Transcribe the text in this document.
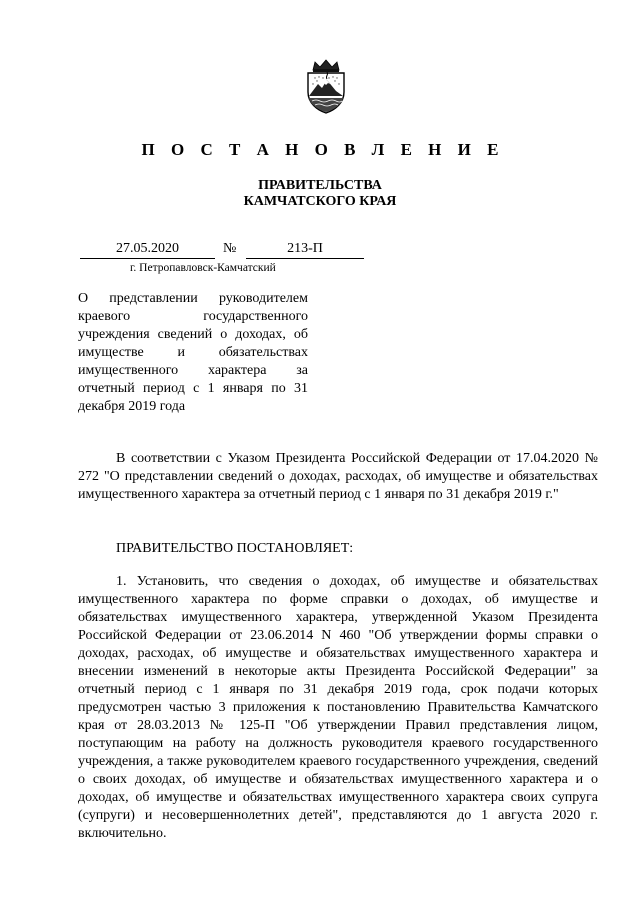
П О С Т А Н О В Л Е Н И Е
ПРАВИТЕЛЬСТВА
КАМЧАТСКОГО КРАЯ
27.05.2020	№	213-П
г. Петропавловск-Камчатский
О представлении руководителем краевого государственного учреждения сведений о доходах, об имуществе и обязательствах имущественного характера за отчетный период с 1 января по 31 декабря 2019 года

В соответствии с Указом Президента Российской Федерации от 17.04.2020 № 272 "О представлении сведений о доходах, расходах, об имуществе и обязательствах имущественного характера за отчетный период с 1 января по 31 декабря 2019 г."

ПРАВИТЕЛЬСТВО ПОСТАНОВЛЯЕТ:

1. Установить, что сведения о доходах, об имуществе и обязательствах имущественного характера по форме справки о доходах, об имуществе и обязательствах имущественного характера, утвержденной Указом Президента Российской Федерации от 23.06.2014 N 460 "Об утверждении формы справки о доходах, расходах, об имуществе и обязательствах имущественного характера и внесении изменений в некоторые акты Президента Российской Федерации" за отчетный период с 1 января по 31 декабря 2019 года, срок подачи которых предусмотрен частью 3 приложения к постановлению Правительства Камчатского края от 28.03.2013 № 125-П "Об утверждении Правил представления лицом, поступающим на работу на должность руководителя краевого государственного учреждения, а также руководителем краевого государственного учреждения, сведений о своих доходах, об имуществе и обязательствах имущественного характера и о доходах, об имуществе и обязательствах имущественного характера своих супруга (супруги) и несовершеннолетних детей", представляются до 1 августа 2020 г. включительно.
